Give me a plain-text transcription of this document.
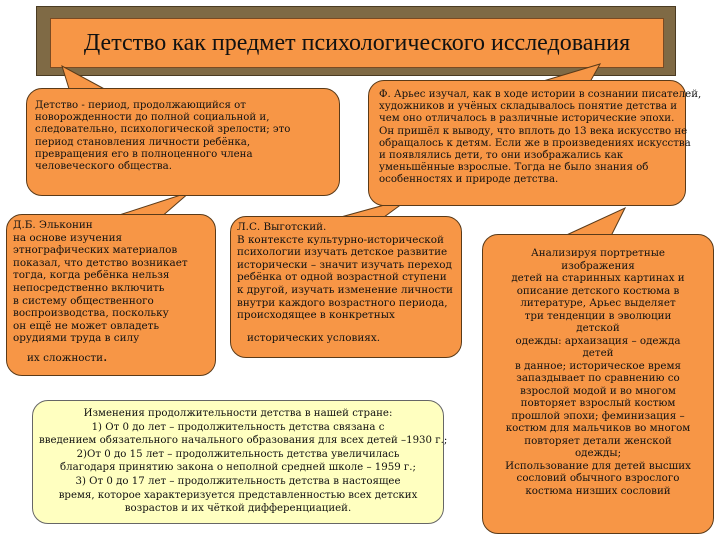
Детство как предмет психологического исследования
Детство - период, продолжающийся от
новорожденности до полной социальной и,
следовательно, психологической зрелости; это
период становления личности ребёнка,
превращения его в полноценного члена
человеческого общества.
Ф. Арьес изучал, как в ходе истории в сознании писателей,
художников и учёных складывалось понятие детства и
чем оно отличалось в различные исторические эпохи.
Он пришёл к выводу, что вплоть до 13 века искусство не
обращалось к детям. Если же в произведениях искусства
и появлялись дети, то они изображались как
уменьшённые взрослые. Тогда не было знания об
особенностях и природе детства.
Д.Б. Эльконин
на основе изучения
этнографических материалов
показал, что детство возникает
тогда, когда ребёнка нельзя
непосредственно включить
в систему общественного
воспроизводства, поскольку
он ещё не может овладеть
орудиями труда в силу
их сложности.
Л.С. Выготский.
В контексте культурно-исторической
психологии изучать детское развитие
исторически – значит изучать переход
ребёнка от одной возрастной ступени
к другой, изучать изменение личности
внутри каждого возрастного периода,
происходящее в конкретных
исторических условиях.
Анализируя портретные
изображения
детей на старинных картинах и
описание детского костюма в
литературе, Арьес выделяет
три тенденции в эволюции
детской
одежды: архаизация – одежда
детей
в данное; историческое время
запаздывает по сравнению со
взрослой модой и во многом
повторяет взрослый костюм
прошлой эпохи; феминизация –
костюм для мальчиков во многом
повторяет детали женской
одежды;
Использование для детей высших
сословий обычного взрослого
костюма низших сословий
Изменения продолжительности детства в нашей стране:
1) От 0 до лет – продолжительность детства связана с
введением обязательного начального образования для всех детей –1930 г.;
2)От 0 до 15 лет – продолжительность детства увеличилась
благодаря принятию закона о неполной средней школе – 1959 г.;
3) От 0 до 17 лет – продолжительность детства в настоящее
время, которое характеризуется представленностью всех детских
возрастов и их чёткой дифференциацией.
